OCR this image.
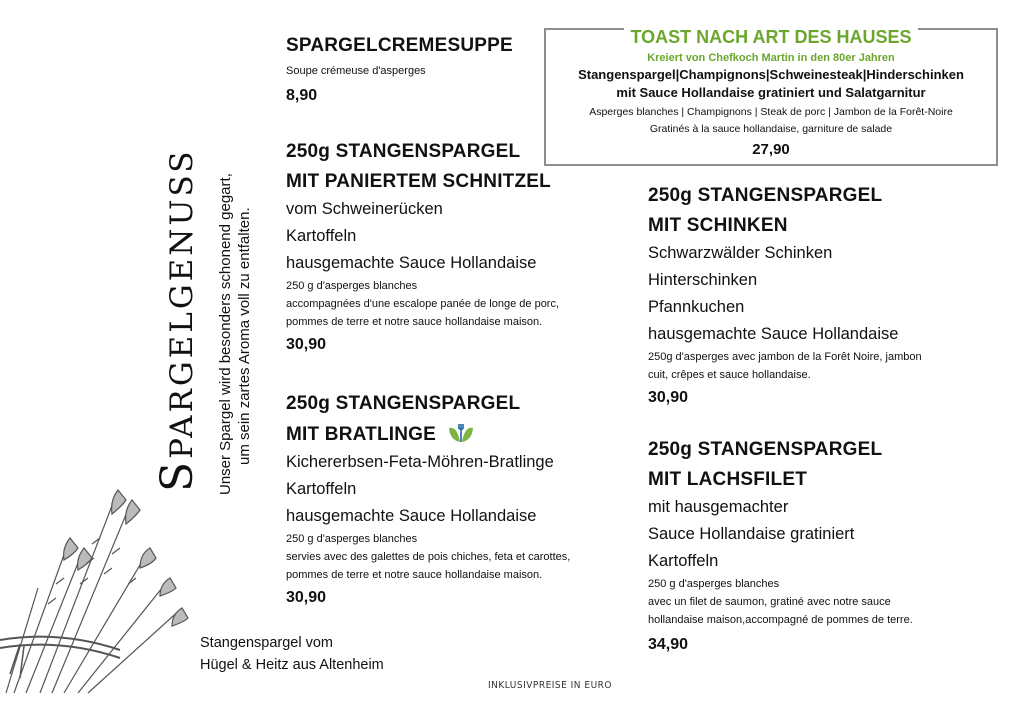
Spargelgenuss Unser Spargel wird besonders schonend gegart, um sein zartes Aroma voll zu entfalten.
Stangenspargel vom
Hügel & Heitz aus Altenheim
SPARGELCREMESUPPE
Soupe crémeuse d'asperges
8,90
250g STANGENSPARGEL
MIT PANIERTEM SCHNITZEL
vom Schweinerücken
Kartoffeln
hausgemachte Sauce Hollandaise
250 g d'asperges blanches
accompagnées d'une escalope panée de longe de porc,
pommes de terre et notre sauce hollandaise maison.
30,90
250g STANGENSPARGEL
MIT BRATLINGE
Kichererbsen-Feta-Möhren-Bratlinge
Kartoffeln
hausgemachte Sauce Hollandaise
250 g d'asperges blanches
servies avec des galettes de pois chiches, feta et carottes,
pommes de terre et notre sauce hollandaise maison.
30,90
TOAST NACH ART DES HAUSES
Kreiert von Chefkoch Martin in den 80er Jahren
Stangenspargel|Champignons|Schweinesteak|Hinderschinken
mit Sauce Hollandaise gratiniert und Salatgarnitur
Asperges blanches | Champignons | Steak de porc | Jambon de la Forêt-Noire
Gratinés à la sauce hollandaise, garniture de salade
27,90
250g STANGENSPARGEL
MIT SCHINKEN
Schwarzwälder Schinken
Hinterschinken
Pfannkuchen
hausgemachte Sauce Hollandaise
250g d'asperges avec jambon de la Forêt Noire, jambon
cuit, crêpes et sauce hollandaise.
30,90
250g STANGENSPARGEL
MIT LACHSFILET
mit hausgemachter
Sauce Hollandaise gratiniert
Kartoffeln
250 g d'asperges blanches
avec un filet de saumon, gratiné avec notre sauce
hollandaise maison,accompagné de pommes de terre.
34,90
INKLUSIVPREISE IN EURO
